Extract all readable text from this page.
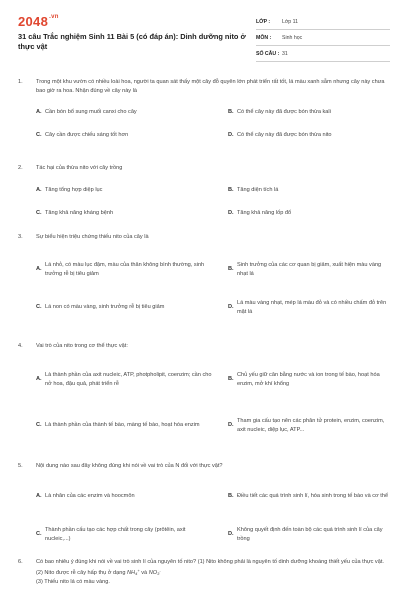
$2048^{.vn}$
31 câu Trắc nghiệm Sinh 11 Bài 5 (có đáp án): Dinh dưỡng nito ở thực vật
LỚP :	Lớp 11
MÔN :	Sinh học
SỐ CÂU : 31
1.	Trong một khu vườn có nhiều loài hoa, người ta quan sát thấy một cây đỗ quyên lớn phát triển rất tốt, lá màu xanh sẫm nhưng cây này chưa bao giờ ra hoa. Nhận đúng về cây này là
A. Cần bón bổ sung muối canxi cho cây	B. Có thể cây này đã được bón thừa kali
C. Cây cần được chiếu sáng tốt hơn	D. Có thể cây này đã được bón thừa nito
2.	Tác hại của thừa nito với cây trồng
A. Tăng tổng hợp diệp lục	B. Tăng diện tích lá
C. Tăng khả năng kháng bệnh	D. Tăng khả năng lốp đổ
3.	Sự biểu hiện triệu chứng thiếu nito của cây là
A.
Lá nhỏ, có màu lục đậm, màu của thân không bình thường, sinh trưởng rễ bị tiêu giảm
B.
Sinh trưởng của các cơ quan bị giảm, xuất hiện màu vàng nhạt lá
C. Lá non có màu vàng, sinh trưởng rễ bị tiêu giảm	D.
Lá màu vàng nhạt, mép lá màu đỏ và có nhiều chấm đỏ trên mặt lá
4.	Vai trò của nito trong cơ thể thực vật:
A.
Là thành phần của axit nucleic, ATP, photpholipit, coenzim; cần cho nở hoa, đậu quả, phát triển rễ
B.
Chủ yếu giữ cân bằng nước và ion trong tế bào, hoạt hóa enzim, mở khí khổng
C. Là thành phần của thành tế bào, màng tế bào, hoạt hóa enzim	D.
Tham gia cấu tạo nên các phân tử protein, enzim, coenzim, axit nucleic, diệp lục, ATP...
5.	Nội dung nào sau đây không đúng khi nói về vai trò của N đối với thực vật?
A. Là nhân của các enzim và hoocmôn	B. Điều tiết các quá trình sinh lí, hóa sinh trong tế bào và cơ thể
C.
Thành phần cấu tạo các hợp chất trong cây (prôtêin, axit nucleic,...)
D.
Không quyết định đến toàn bộ các quá trình sinh lí của cây trồng
6.	Có bao nhiêu ý đúng khi nói về vai trò sinh lí của nguyên tố nito? (1) Nito không phải là nguyên tố dinh dưỡng khoáng thiết yếu của thực vật. (2) Nito được rễ cây hấp thụ ở dạng $NH_4^+$ và $NO_3^-$
(3) Thiếu nito lá có màu vàng.
